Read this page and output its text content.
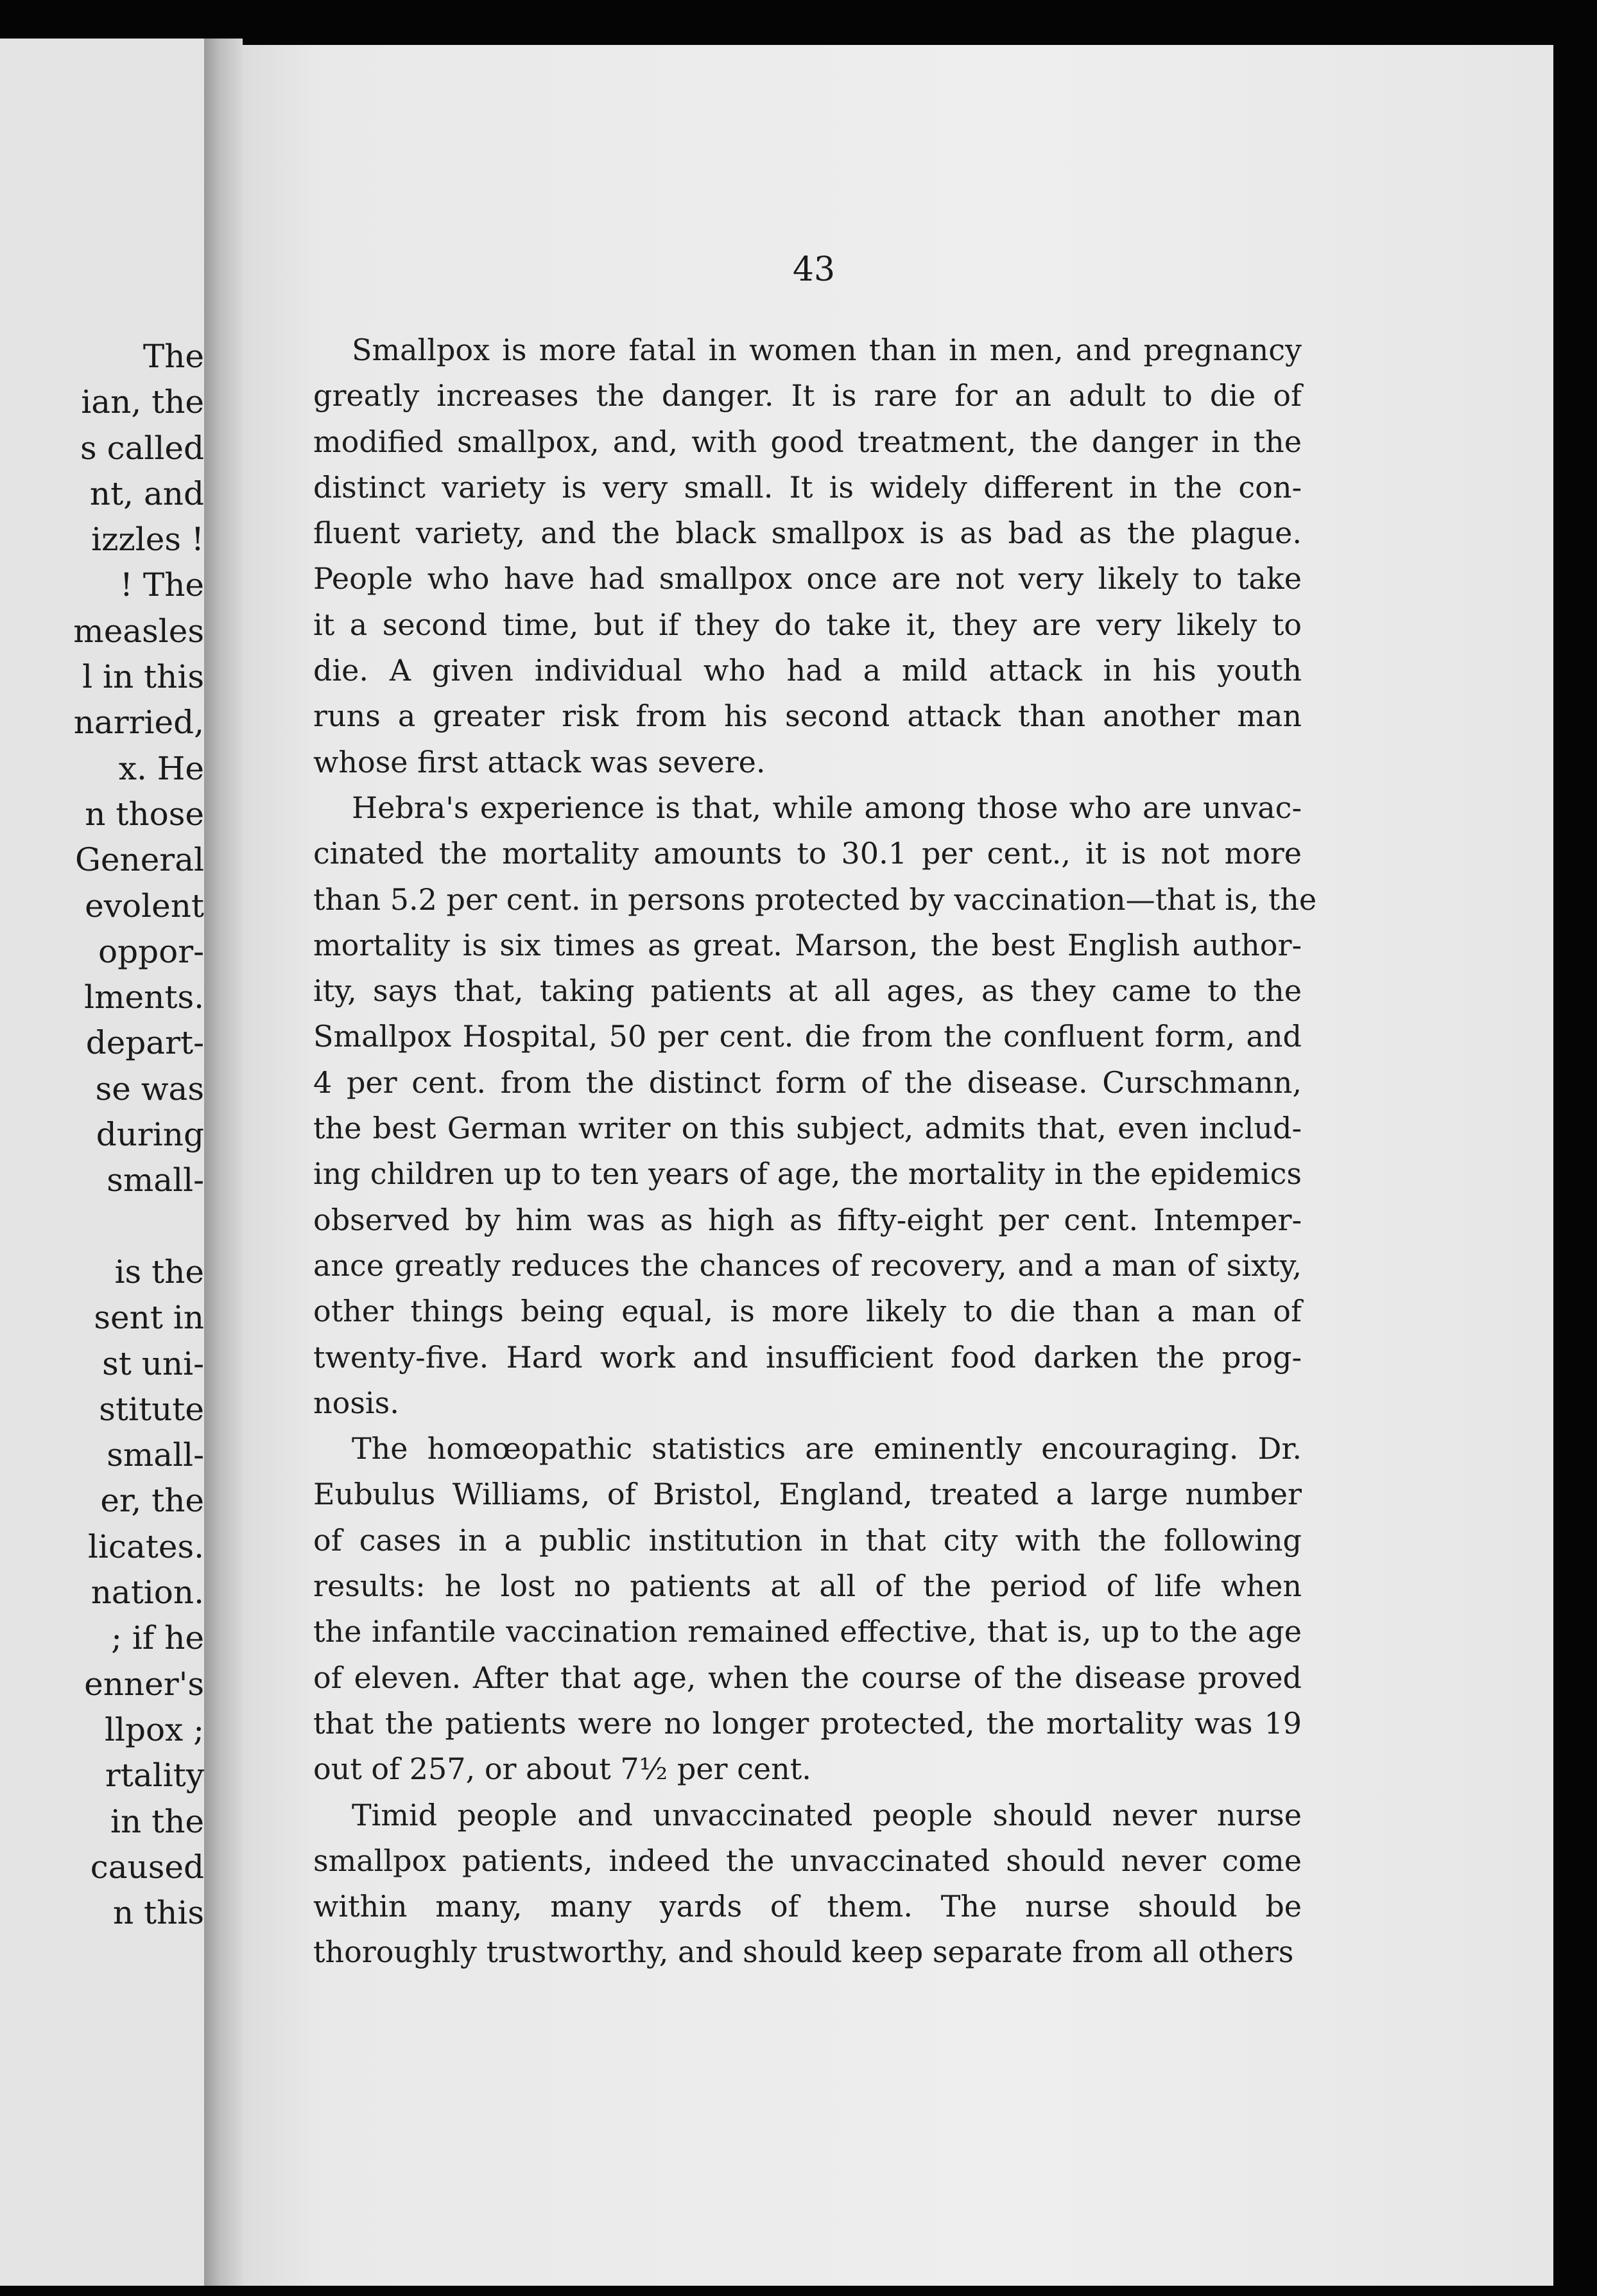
The
ian, the
s called
nt, and
izzles !
! The
measles
l in this
narried,
x. He
n those
General
evolent
oppor-
lments.
depart-
se was
during
small-
is the
sent in
st uni-
stitute
small-
er, the
licates.
nation.
; if he
enner's
llpox ;
rtality
in the
caused
n this
43
Smallpox is more fatal in women than in men, and pregnancy
greatly increases the danger. It is rare for an adult to die of
modified smallpox, and, with good treatment, the danger in the
distinct variety is very small. It is widely different in the con-
fluent variety, and the black smallpox is as bad as the plague.
People who have had smallpox once are not very likely to take
it a second time, but if they do take it, they are very likely to
die. A given individual who had a mild attack in his youth
runs a greater risk from his second attack than another man
whose first attack was severe.
Hebra's experience is that, while among those who are unvac-
cinated the mortality amounts to 30.1 per cent., it is not more
than 5.2 per cent. in persons protected by vaccination—that is, the
mortality is six times as great. Marson, the best English author-
ity, says that, taking patients at all ages, as they came to the
Smallpox Hospital, 50 per cent. die from the confluent form, and
4 per cent. from the distinct form of the disease. Curschmann,
the best German writer on this subject, admits that, even includ-
ing children up to ten years of age, the mortality in the epidemics
observed by him was as high as fifty-eight per cent. Intemper-
ance greatly reduces the chances of recovery, and a man of sixty,
other things being equal, is more likely to die than a man of
twenty-five. Hard work and insufficient food darken the prog-
nosis.
The homœopathic statistics are eminently encouraging. Dr.
Eubulus Williams, of Bristol, England, treated a large number
of cases in a public institution in that city with the following
results: he lost no patients at all of the period of life when
the infantile vaccination remained effective, that is, up to the age
of eleven. After that age, when the course of the disease proved
that the patients were no longer protected, the mortality was 19
out of 257, or about 7½ per cent.
Timid people and unvaccinated people should never nurse
smallpox patients, indeed the unvaccinated should never come
within many, many yards of them. The nurse should be
thoroughly trustworthy, and should keep separate from all others
